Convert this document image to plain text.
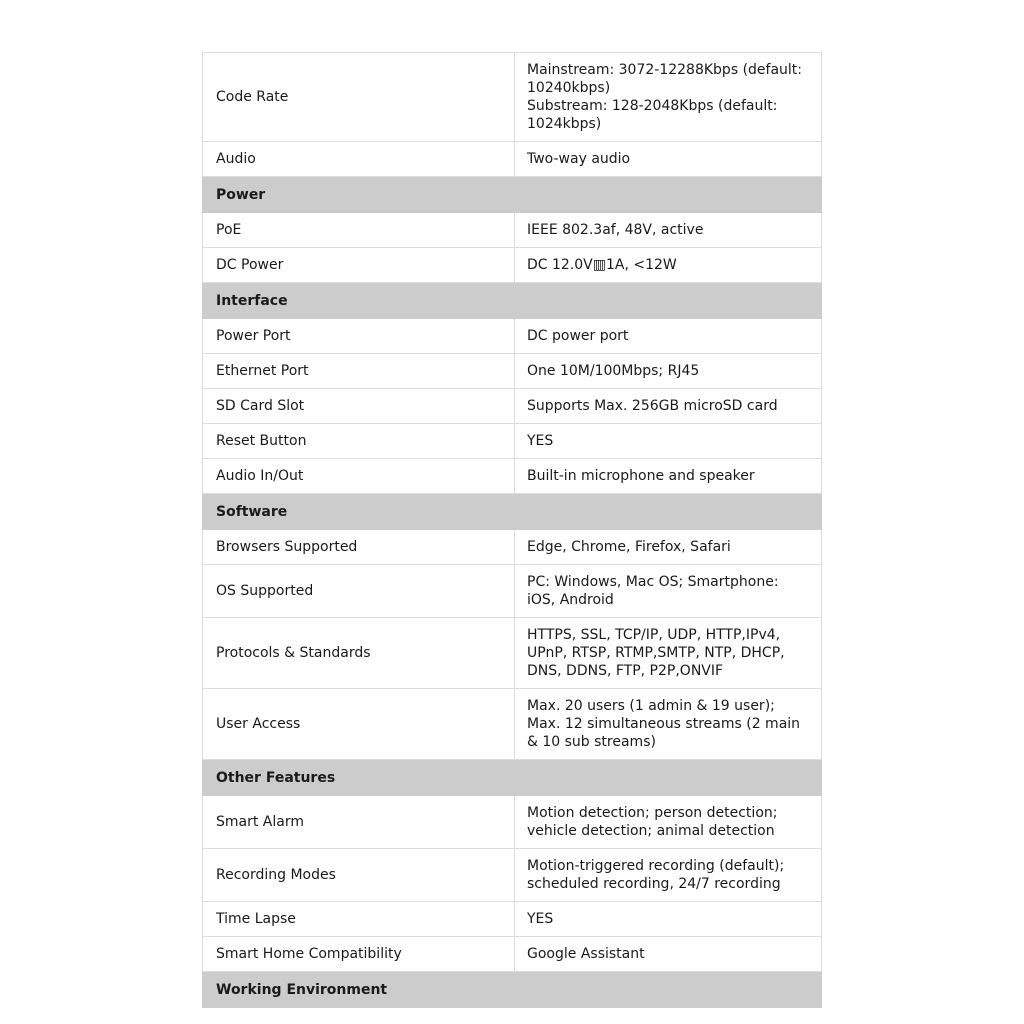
Code Rate	Mainstream: 3072-12288Kbps (default:
10240kbps)
Substream: 128-2048Kbps (default:
1024kbps)

Audio	Two-way audio

Power	
PoE	IEEE 802.3af, 48V, active

DC Power	DC 12.0V▥1A, <12W

Interface	
Power Port	DC power port

Ethernet Port	One 10M/100Mbps; RJ45

SD Card Slot	Supports Max. 256GB microSD card

Reset Button	YES

Audio In/Out	Built-in microphone and speaker

Software	
Browsers Supported	Edge, Chrome, Firefox, Safari

OS Supported	PC: Windows, Mac OS; Smartphone:
iOS, Android

Protocols & Standards	HTTPS, SSL, TCP/IP, UDP, HTTP,IPv4,
UPnP, RTSP, RTMP,SMTP, NTP, DHCP,
DNS, DDNS, FTP, P2P,ONVIF

User Access	Max. 20 users (1 admin & 19 user);
Max. 12 simultaneous streams (2 main
& 10 sub streams)

Other Features	
Smart Alarm	Motion detection; person detection;
vehicle detection; animal detection

Recording Modes	Motion-triggered recording (default);
scheduled recording, 24/7 recording

Time Lapse	YES

Smart Home Compatibility	Google Assistant

Working Environment	
